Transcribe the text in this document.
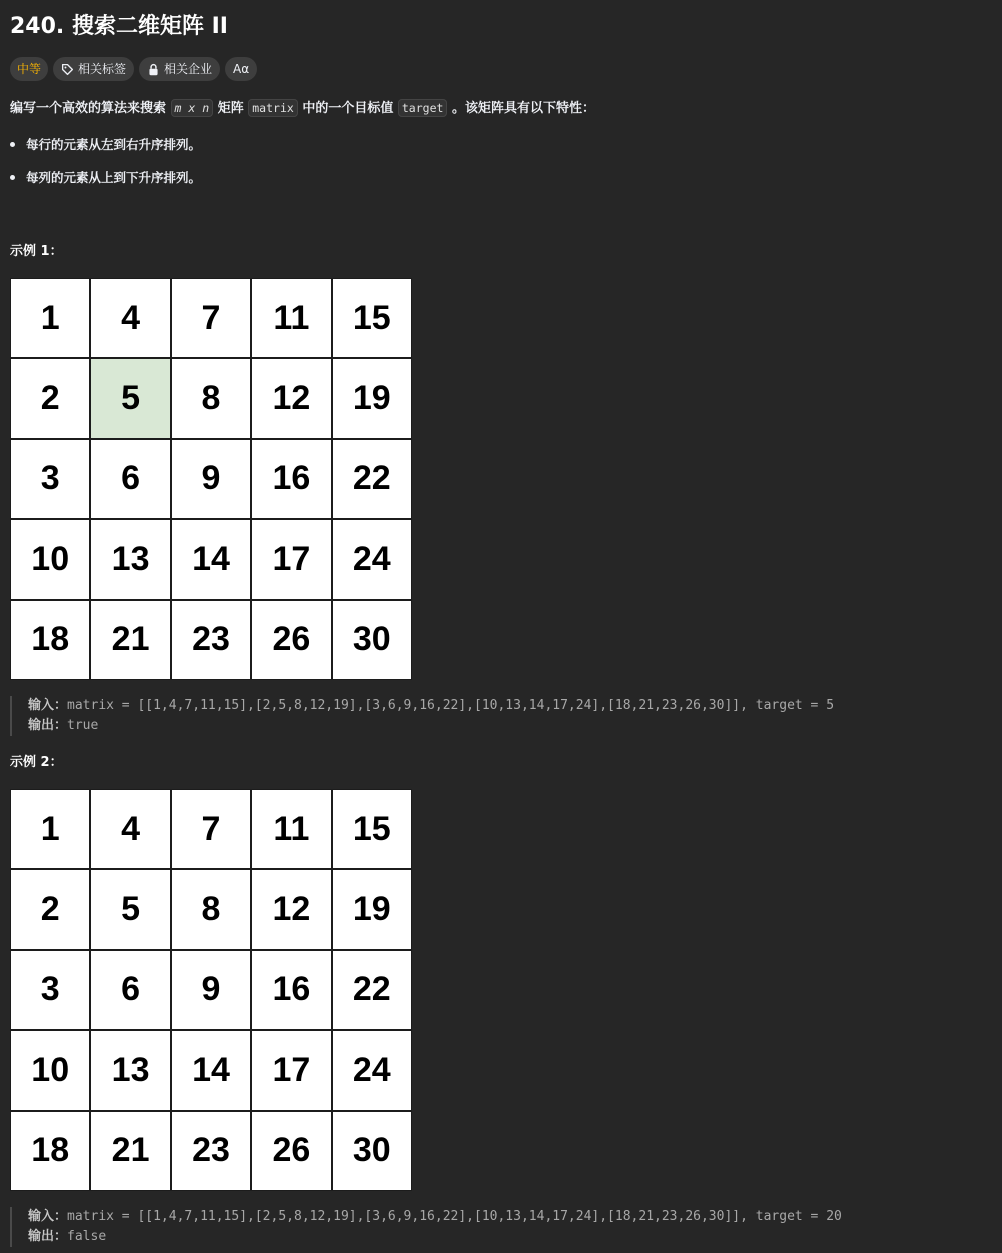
240. 搜索二维矩阵 II
中等	相关标签	相关企业 Aα
编写一个高效的算法来搜索 m x n 矩阵 matrix 中的一个目标值 target 。该矩阵具有以下特性：
每行的元素从左到右升序排列。
每列的元素从上到下升序排列。
示例 1：
1	4	7	11	15
2	5	8	12	19
3	6	9	16	22
10	13	14	17	24
18	21	23	26	30
输入：matrix = [[1,4,7,11,15],[2,5,8,12,19],[3,6,9,16,22],[10,13,14,17,24],[18,21,23,26,30]], target = 5
输出：true
示例 2：
1	4	7	11	15
2	5	8	12	19
3	6	9	16	22
10	13	14	17	24
18	21	23	26	30
输入：matrix = [[1,4,7,11,15],[2,5,8,12,19],[3,6,9,16,22],[10,13,14,17,24],[18,21,23,26,30]], target = 20
输出：false
